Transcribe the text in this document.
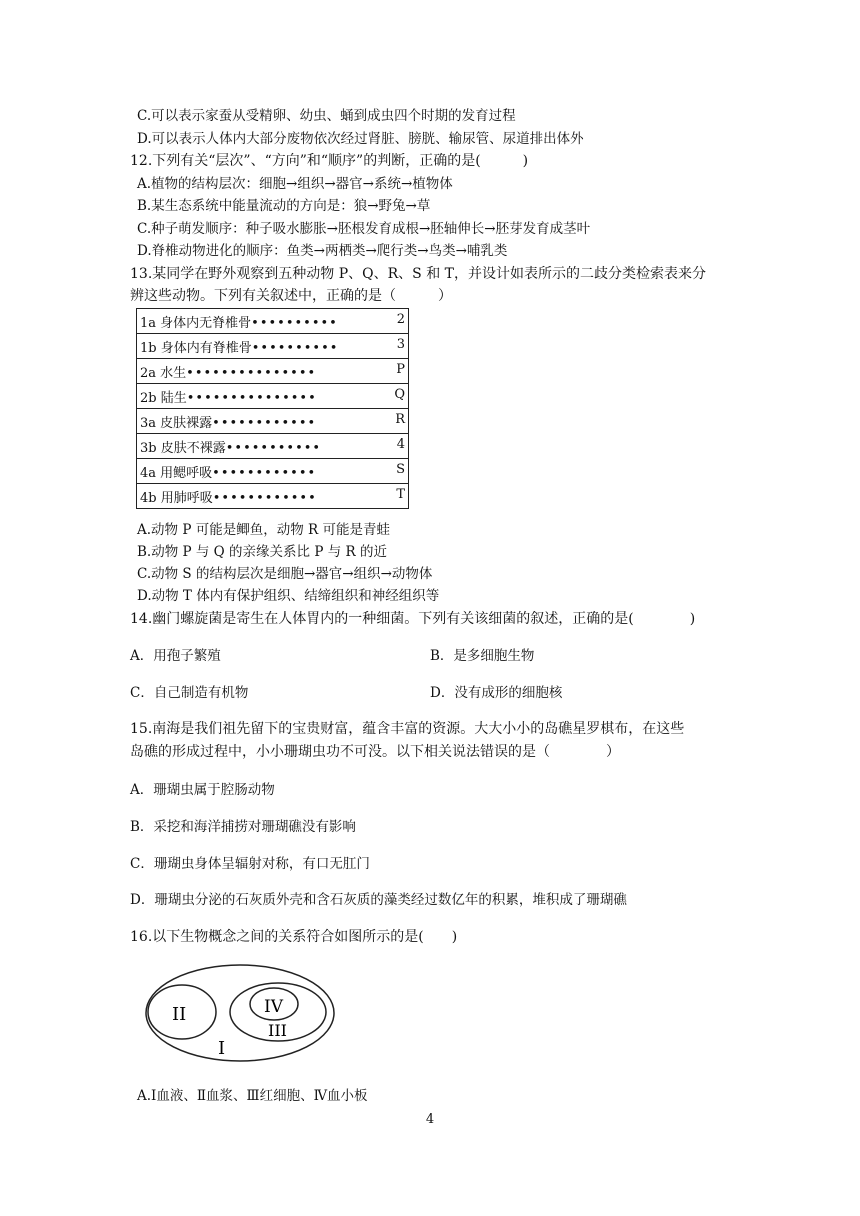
C.可以表示家蚕从受精卵、幼虫、蛹到成虫四个时期的发育过程
D.可以表示人体内大部分废物依次经过肾脏、膀胱、输尿管、尿道排出体外
12.下列有关“层次”、“方向”和“顺序”的判断，正确的是(　　　)
A.植物的结构层次：细胞→组织→器官→系统→植物体
B.某生态系统中能量流动的方向是：狼→野兔→草
C.种子萌发顺序：种子吸水膨胀→胚根发育成根→胚轴伸长→胚芽发育成茎叶
D.脊椎动物进化的顺序：鱼类→两栖类→爬行类→鸟类→哺乳类
13.某同学在野外观察到五种动物 P、Q、R、S 和 T，并设计如表所示的二歧分类检索表来分
辨这些动物。下列有关叙述中，正确的是（　　　）
1a 身体内无脊椎骨••••••••••	2

1b 身体内有脊椎骨••••••••••	3

2a 水生•••••••••••••••	P

2b 陆生•••••••••••••••	Q

3a 皮肤裸露••••••••••••	R

3b 皮肤不裸露•••••••••••	4

4a 用鳃呼吸••••••••••••	S

4b 用肺呼吸••••••••••••	T
A.动物 P 可能是鲫鱼，动物 R 可能是青蛙
B.动物 P 与 Q 的亲缘关系比 P 与 R 的近
C.动物 S 的结构层次是细胞→器官→组织→动物体
D.动物 T 体内有保护组织、结缔组织和神经组织等
14.幽门螺旋菌是寄生在人体胃内的一种细菌。下列有关该细菌的叙述，正确的是(　　　　)
A．用孢子繁殖	B．是多细胞生物
C．自己制造有机物	D．没有成形的细胞核
15.南海是我们祖先留下的宝贵财富，蕴含丰富的资源。大大小小的岛礁星罗棋布，在这些
岛礁的形成过程中，小小珊瑚虫功不可没。以下相关说法错误的是（　　　　）
A．珊瑚虫属于腔肠动物
B．采挖和海洋捕捞对珊瑚礁没有影响
C．珊瑚虫身体呈辐射对称，有口无肛门
D．珊瑚虫分泌的石灰质外壳和含石灰质的藻类经过数亿年的积累，堆积成了珊瑚礁
16.以下生物概念之间的关系符合如图所示的是(　　)
II	IV
III
I
A.Ⅰ血液、Ⅱ血浆、Ⅲ红细胞、Ⅳ血小板
4
